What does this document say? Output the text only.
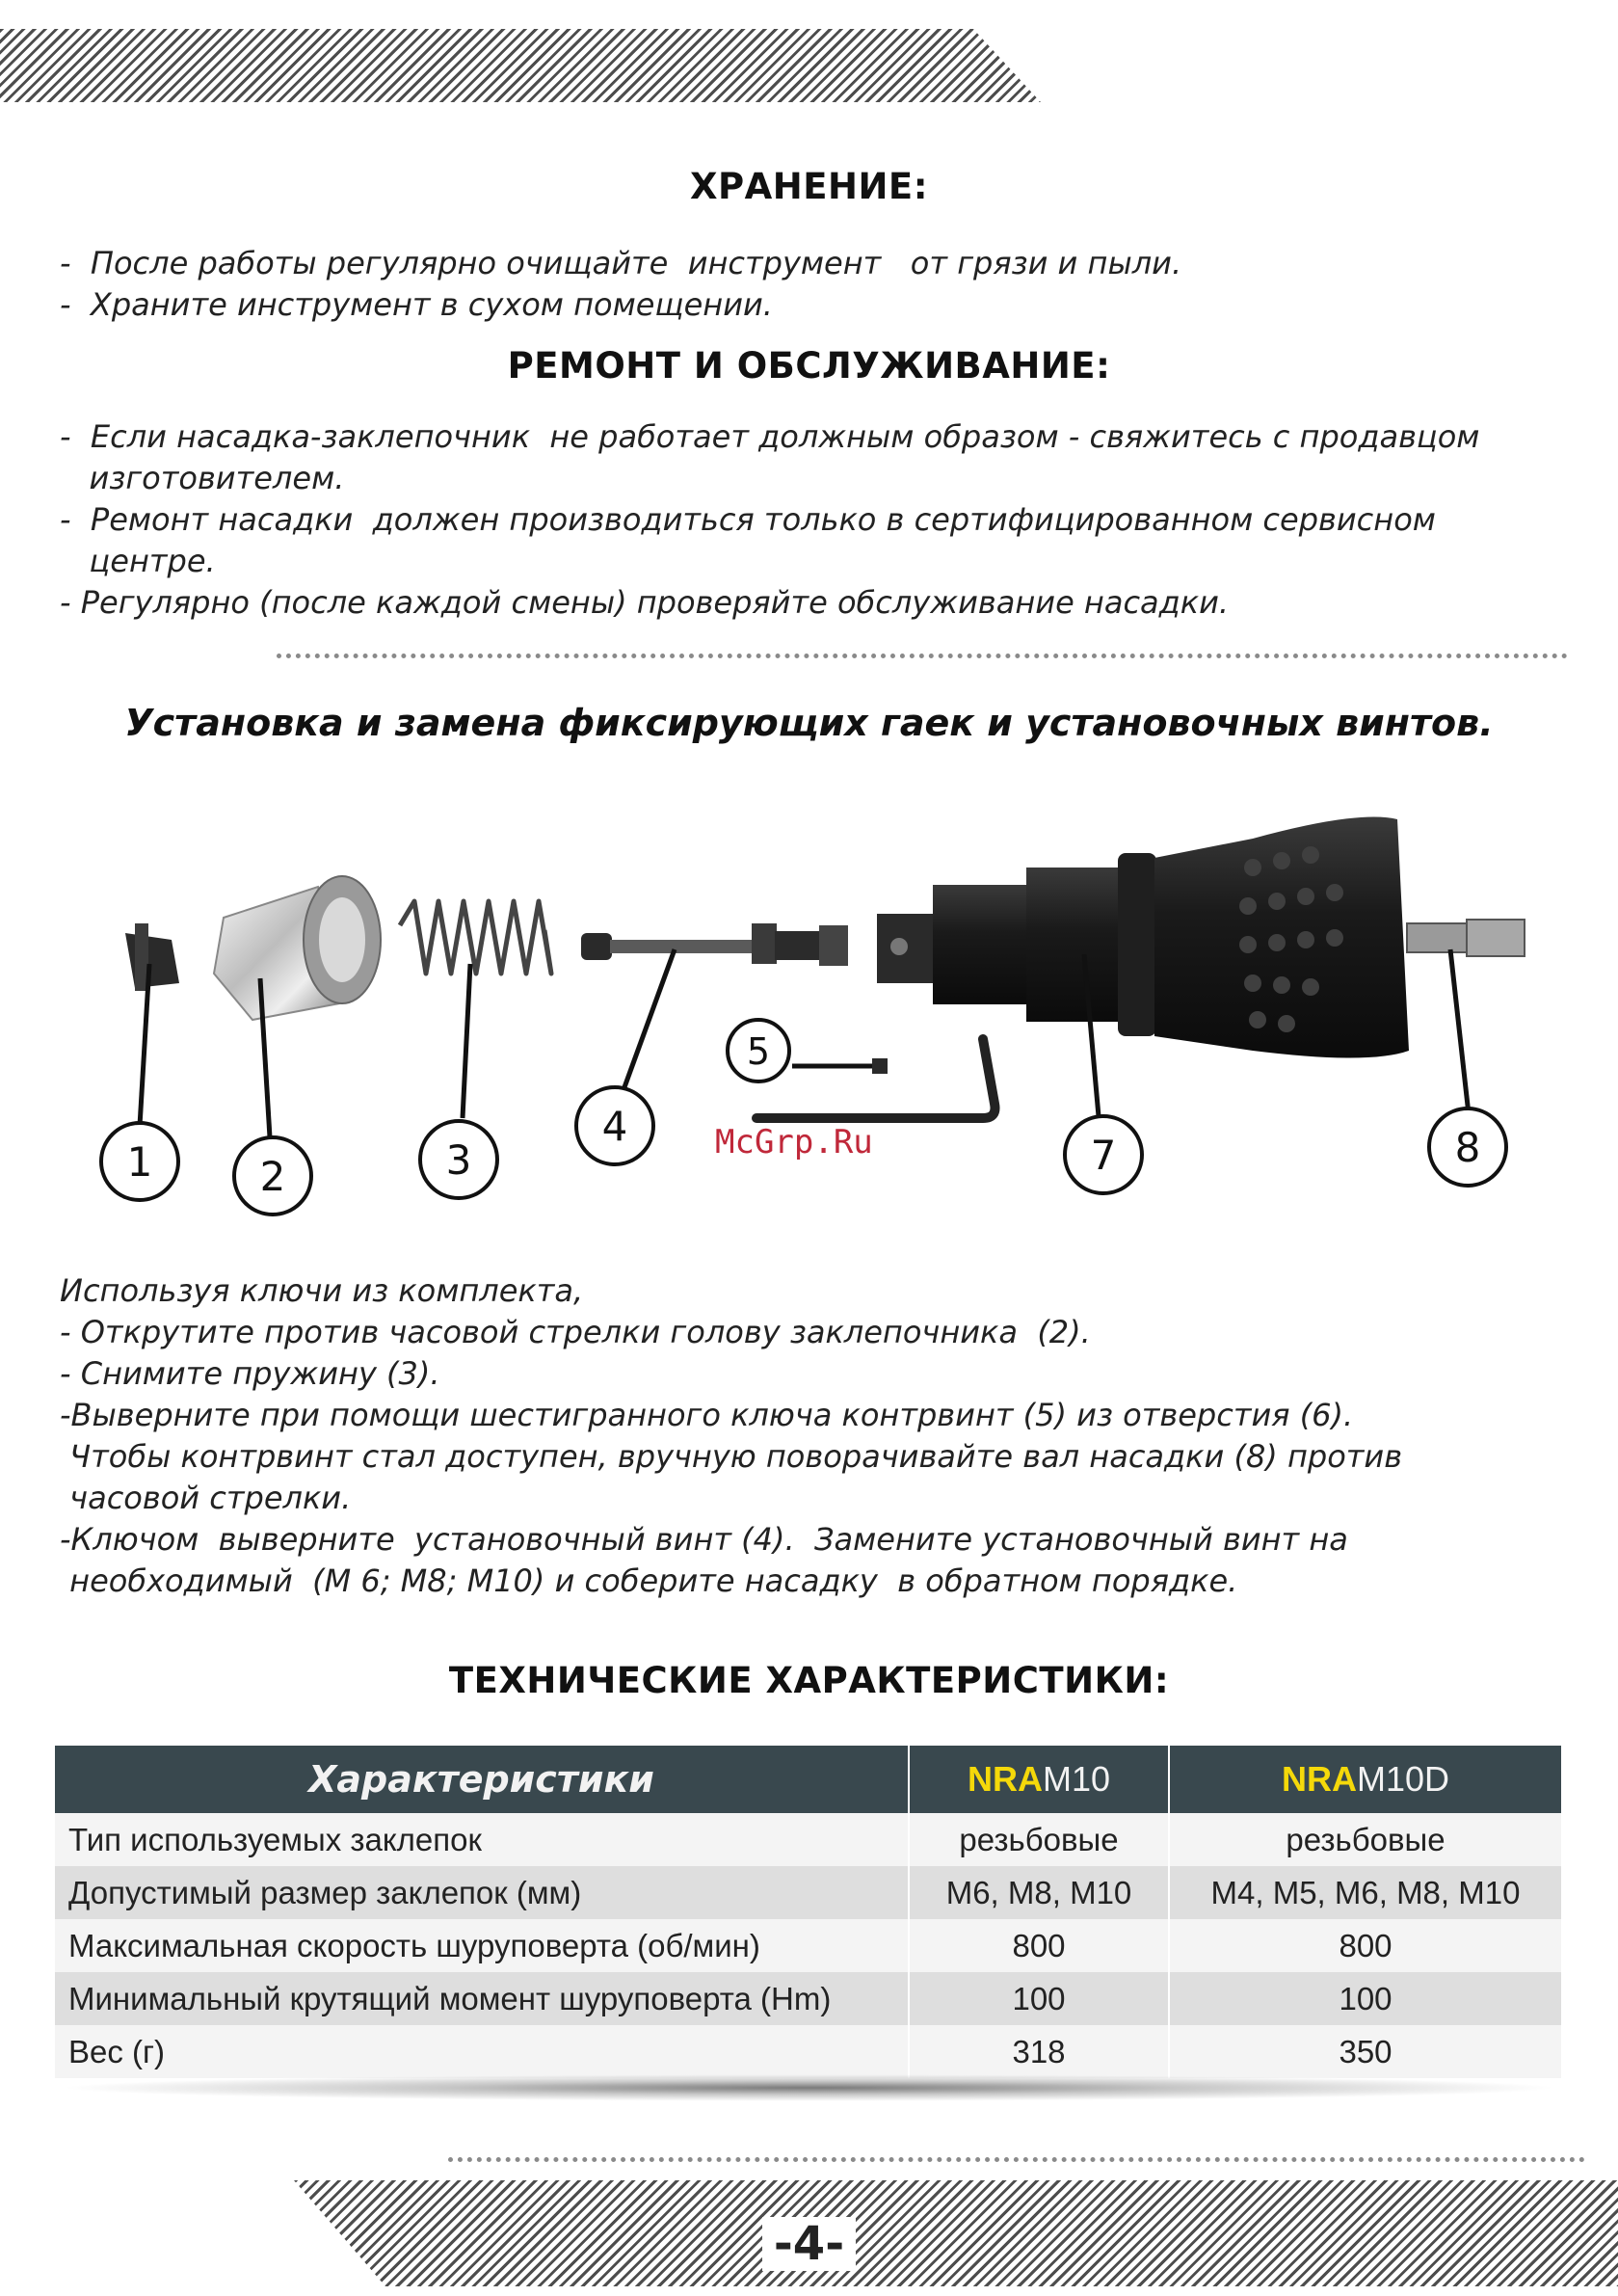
ХРАНЕНИЕ:

-  После работы регулярно очищайте  инструмент   от грязи и пыли.

-  Храните инструмент в сухом помещении.

РЕМОНТ И ОБСЛУЖИВАНИЕ:

-  Если насадка-заклепочник  не работает должным образом - свяжитесь с продавцом

изготовителем.

-  Ремонт насадки  должен производиться только в сертифицированном сервисном

центре.

- Регулярно (после каждой смены) проверяйте обслуживание насадки.

Установка и замена фиксирующих гаек и установочных винтов.
1	2	3
4
5
7	8
McGrp.Ru

Используя ключи из комплекта,

- Открутите против часовой стрелки голову заклепочника  (2).

- Снимите пружину (3).

-Выверните при помощи шестигранного ключа контрвинт (5) из отверстия (6).

Чтобы контрвинт стал доступен, вручную поворачивайте вал насадки (8) против

часовой стрелки.

-Ключом  выверните  установочный винт (4).  Замените установочный винт на

необходимый  (М 6; М8; М10) и соберите насадку  в обратном порядке.

ТЕХНИЧЕСКИЕ ХАРАКТЕРИСТИКИ:
Характеристики	NRAM10	NRAM10D
Тип используемых заклепок	резьбовые	резьбовые
Допустимый размер заклепок (мм)	М6, М8, М10	М4, М5, М6, М8, М10
Максимальная скорость шуруповерта (об/мин)	800	800
Минимальный крутящий момент шуруповерта (Hm)	100	100
Вес (г)	318	350
-4-
